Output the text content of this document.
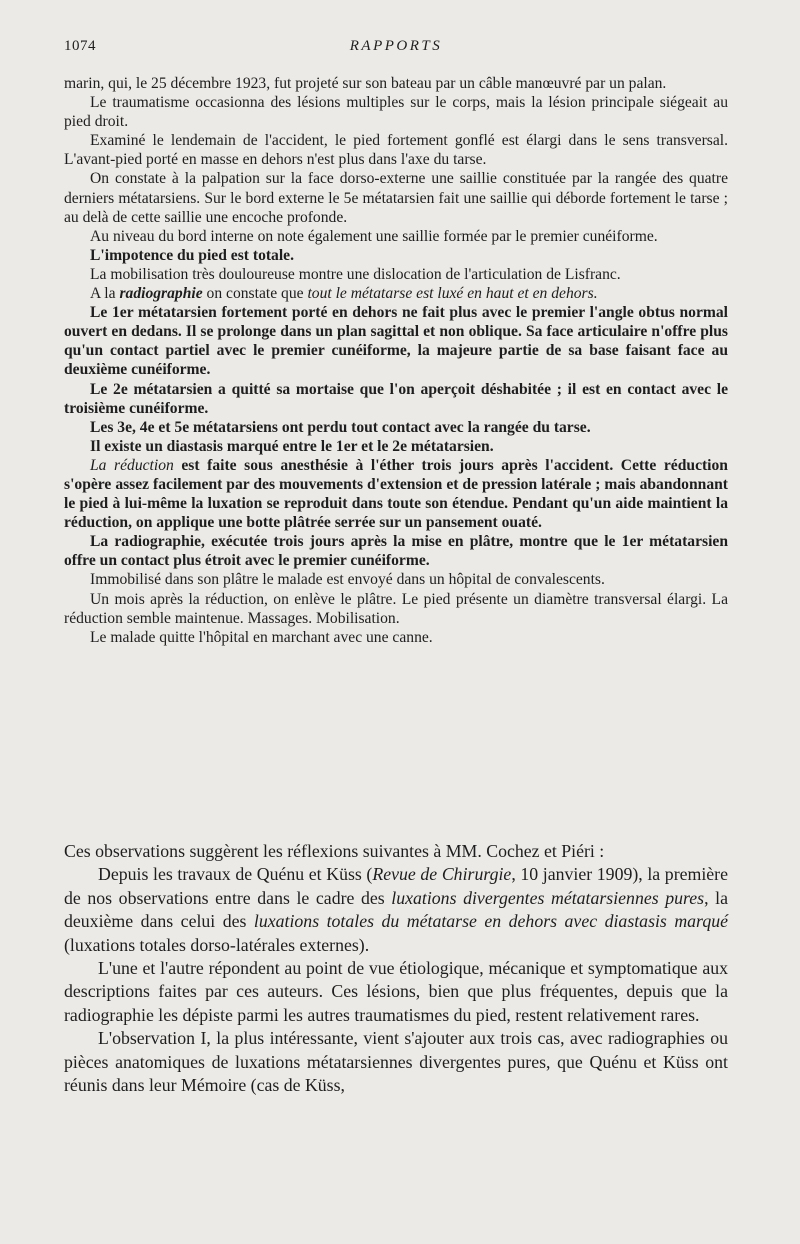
1074	RAPPORTS

marin, qui, le 25 décembre 1923, fut projeté sur son bateau par un câble manœuvré par un palan.

Le traumatisme occasionna des lésions multiples sur le corps, mais la lésion principale siégeait au pied droit.

Examiné le lendemain de l'accident, le pied fortement gonflé est élargi dans le sens transversal. L'avant-pied porté en masse en dehors n'est plus dans l'axe du tarse.

On constate à la palpation sur la face dorso-externe une saillie constituée par la rangée des quatre derniers métatarsiens. Sur le bord externe le 5e métatarsien fait une saillie qui déborde fortement le tarse ; au delà de cette saillie une encoche profonde.

Au niveau du bord interne on note également une saillie formée par le premier cunéiforme.

L'impotence du pied est totale.

La mobilisation très douloureuse montre une dislocation de l'articulation de Lisfranc.

A la radiographie on constate que tout le métatarse est luxé en haut et en dehors.

Le 1er métatarsien fortement porté en dehors ne fait plus avec le premier l'angle obtus normal ouvert en dedans. Il se prolonge dans un plan sagittal et non oblique. Sa face articulaire n'offre plus qu'un contact partiel avec le premier cunéiforme, la majeure partie de sa base faisant face au deuxième cunéiforme.

Le 2e métatarsien a quitté sa mortaise que l'on aperçoit déshabitée ; il est en contact avec le troisième cunéiforme.

Les 3e, 4e et 5e métatarsiens ont perdu tout contact avec la rangée du tarse.

Il existe un diastasis marqué entre le 1er et le 2e métatarsien.

La réduction est faite sous anesthésie à l'éther trois jours après l'accident. Cette réduction s'opère assez facilement par des mouvements d'extension et de pression latérale ; mais abandonnant le pied à lui-même la luxation se reproduit dans toute son étendue. Pendant qu'un aide maintient la réduction, on applique une botte plâtrée serrée sur un pansement ouaté.

La radiographie, exécutée trois jours après la mise en plâtre, montre que le 1er métatarsien offre un contact plus étroit avec le premier cunéiforme.

Immobilisé dans son plâtre le malade est envoyé dans un hôpital de convalescents.

Un mois après la réduction, on enlève le plâtre. Le pied présente un diamètre transversal élargi. La réduction semble maintenue. Massages. Mobilisation.

Le malade quitte l'hôpital en marchant avec une canne.

Ces observations suggèrent les réflexions suivantes à MM. Cochez et Piéri :

Depuis les travaux de Quénu et Küss (Revue de Chirurgie, 10 janvier 1909), la première de nos observations entre dans le cadre des luxations divergentes métatarsiennes pures, la deuxième dans celui des luxations totales du métatarse en dehors avec diastasis marqué (luxations totales dorso-latérales externes).

L'une et l'autre répondent au point de vue étiologique, mécanique et symptomatique aux descriptions faites par ces auteurs. Ces lésions, bien que plus fréquentes, depuis que la radiographie les dépiste parmi les autres traumatismes du pied, restent relativement rares.

L'observation I, la plus intéressante, vient s'ajouter aux trois cas, avec radiographies ou pièces anatomiques de luxations métatarsiennes divergentes pures, que Quénu et Küss ont réunis dans leur Mémoire (cas de Küss,
